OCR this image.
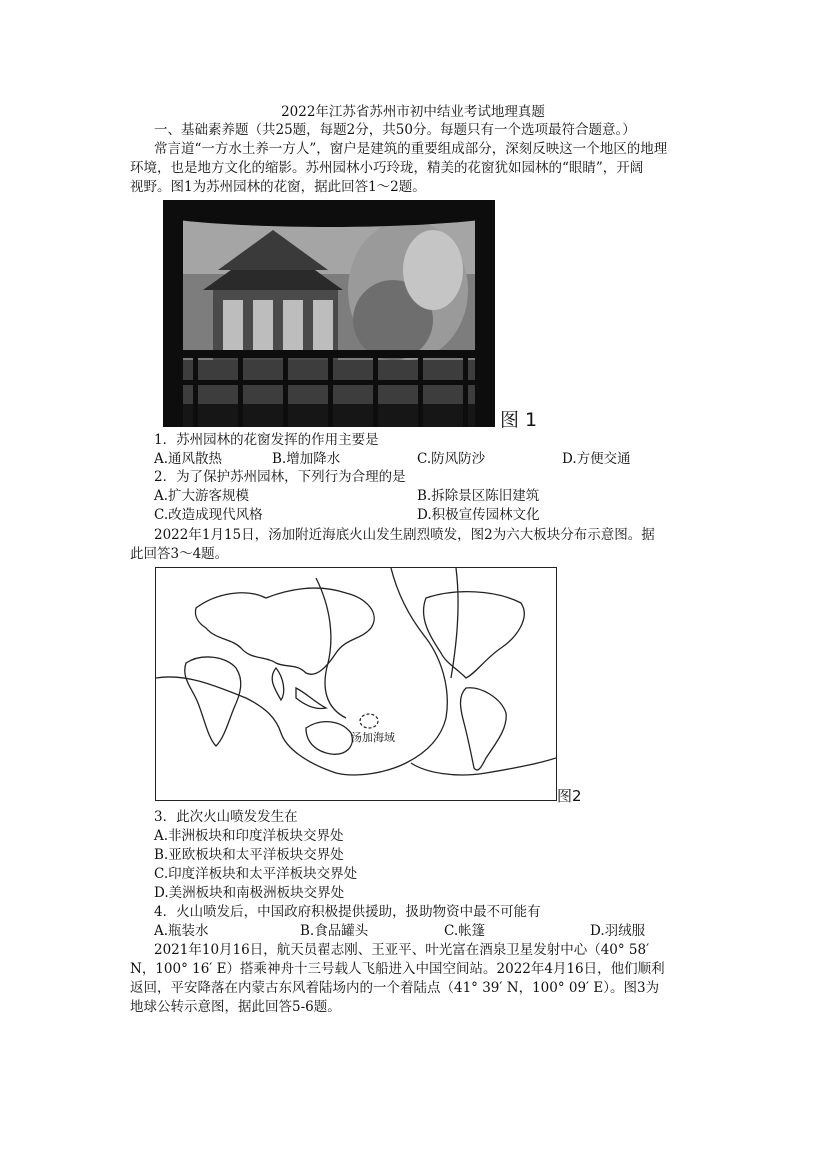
2022年江苏省苏州市初中结业考试地理真题
一、基础素养题（共25题，每题2分，共50分。每题只有一个选项最符合题意。）
常言道“一方水土养一方人”，窗户是建筑的重要组成部分，深刻反映这一个地区的地理
环境，也是地方文化的缩影。苏州园林小巧玲珑，精美的花窗犹如园林的“眼睛”，开阔
视野。图1为苏州园林的花窗，据此回答1～2题。
图 1
1．苏州园林的花窗发挥的作用主要是
A.通风散热	B.增加降水	C.防风防沙	D.方便交通
2．为了保护苏州园林，下列行为合理的是
A.扩大游客规模	B.拆除景区陈旧建筑
C.改造成现代风格	D.积极宣传园林文化
2022年1月15日，汤加附近海底火山发生剧烈喷发，图2为六大板块分布示意图。据
此回答3～4题。
汤加海域
图2
3．此次火山喷发发生在
A.非洲板块和印度洋板块交界处
B.亚欧板块和太平洋板块交界处
C.印度洋板块和太平洋板块交界处
D.美洲板块和南极洲板块交界处
4．火山喷发后，中国政府积极提供援助，扱助物资中最不可能有
A.瓶装水	B.食品罐头	C.帐篷	D.羽绒服
2021年10月16日，航天员翟志刚、王亚平、叶光富在酒泉卫星发射中心（40° 58′
N，100° 16′ E）搭乘神舟十三号载人飞船进入中国空间站。2022年4月16日，他们顺利
返回，平安降落在内蒙古东风着陆场内的一个着陆点（41° 39′ N，100° 09′ E）。图3为
地球公转示意图，据此回答5-6题。
